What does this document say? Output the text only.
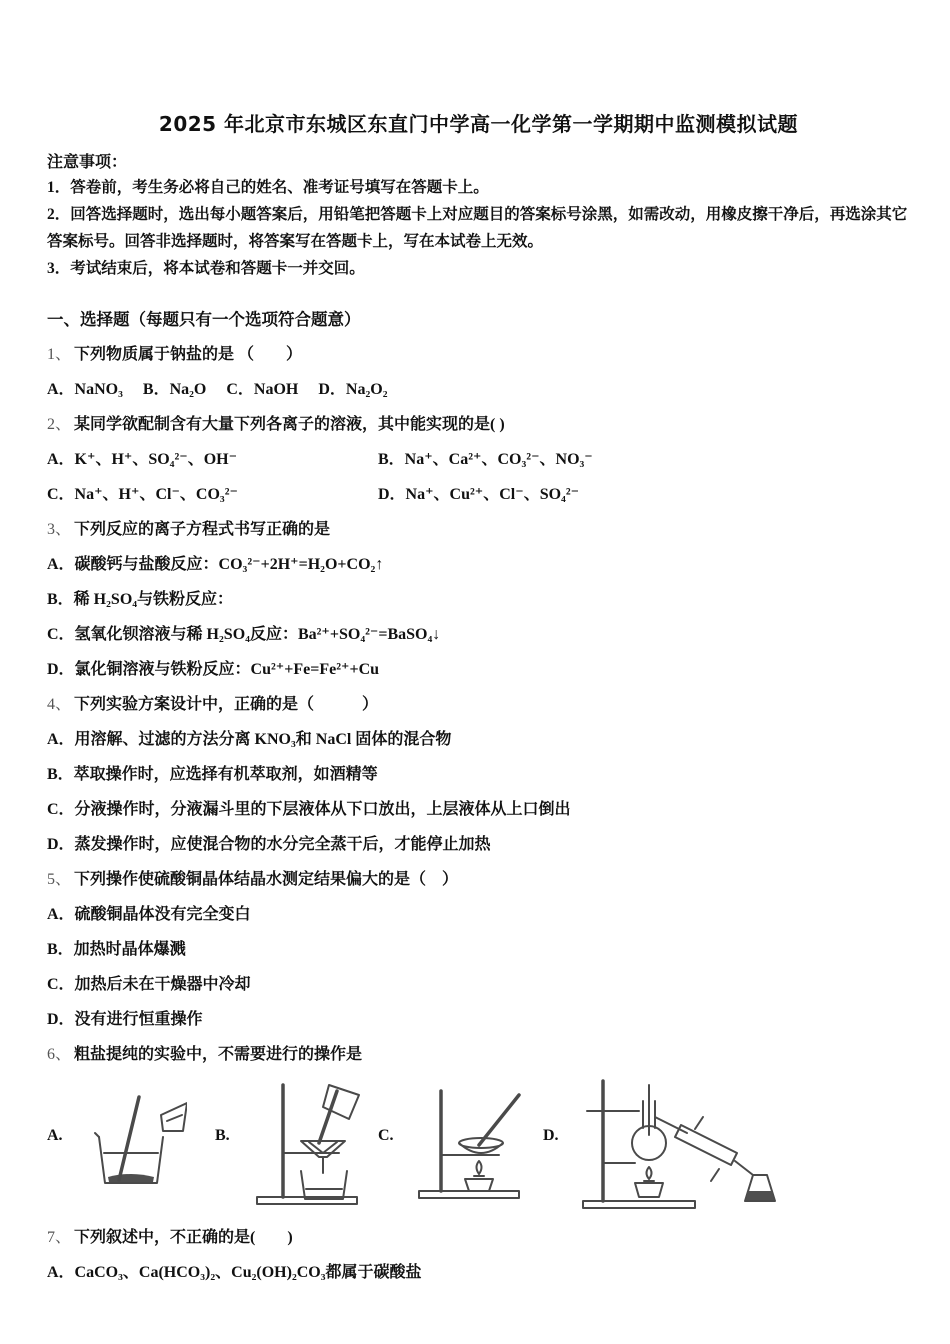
2025 年北京市东城区东直门中学高一化学第一学期期中监测模拟试题

注意事项：

1．答卷前，考生务必将自己的姓名、准考证号填写在答题卡上。

2．回答选择题时，选出每小题答案后，用铅笔把答题卡上对应题目的答案标号涂黑，如需改动，用橡皮擦干净后，再选涂其它答案标号。回答非选择题时，将答案写在答题卡上，写在本试卷上无效。

3．考试结束后，将本试卷和答题卡一并交回。

一、选择题（每题只有一个选项符合题意）

1、 下列物质属于钠盐的是 （　　）

A．NaNO₃　 B．Na₂O　 C．NaOH　 D．Na₂O₂

2、 某同学欲配制含有大量下列各离子的溶液，其中能实现的是( )

A．K⁺、H⁺、SO₄²⁻、OH⁻	B．Na⁺、Ca²⁺、CO₃²⁻、NO₃⁻
C．Na⁺、H⁺、Cl⁻、CO₃²⁻	D．Na⁺、Cu²⁺、Cl⁻、SO₄²⁻

3、 下列反应的离子方程式书写正确的是

A．碳酸钙与盐酸反应：CO₃²⁻+2H⁺=H₂O+CO₂↑

B．稀 H₂SO₄与铁粉反应：

C．氢氧化钡溶液与稀 H₂SO₄反应：Ba²⁺+SO₄²⁻=BaSO₄↓

D．氯化铜溶液与铁粉反应：Cu²⁺+Fe=Fe²⁺+Cu

4、 下列实验方案设计中，正确的是（　　　）

A．用溶解、过滤的方法分离 KNO₃和 NaCl 固体的混合物

B．萃取操作时，应选择有机萃取剂，如酒精等

C．分液操作时，分液漏斗里的下层液体从下口放出，上层液体从上口倒出

D．蒸发操作时，应使混合物的水分完全蒸干后，才能停止加热

5、 下列操作使硫酸铜晶体结晶水测定结果偏大的是（　）

A．硫酸铜晶体没有完全变白

B．加热时晶体爆溅

C．加热后未在干燥器中冷却

D．没有进行恒重操作

6、 粗盐提纯的实验中，不需要进行的操作是

A.	B.	C.	D.

7、 下列叙述中，不正确的是(　　)

A．CaCO₃、Ca(HCO₃)₂、Cu₂(OH)₂CO₃都属于碳酸盐
